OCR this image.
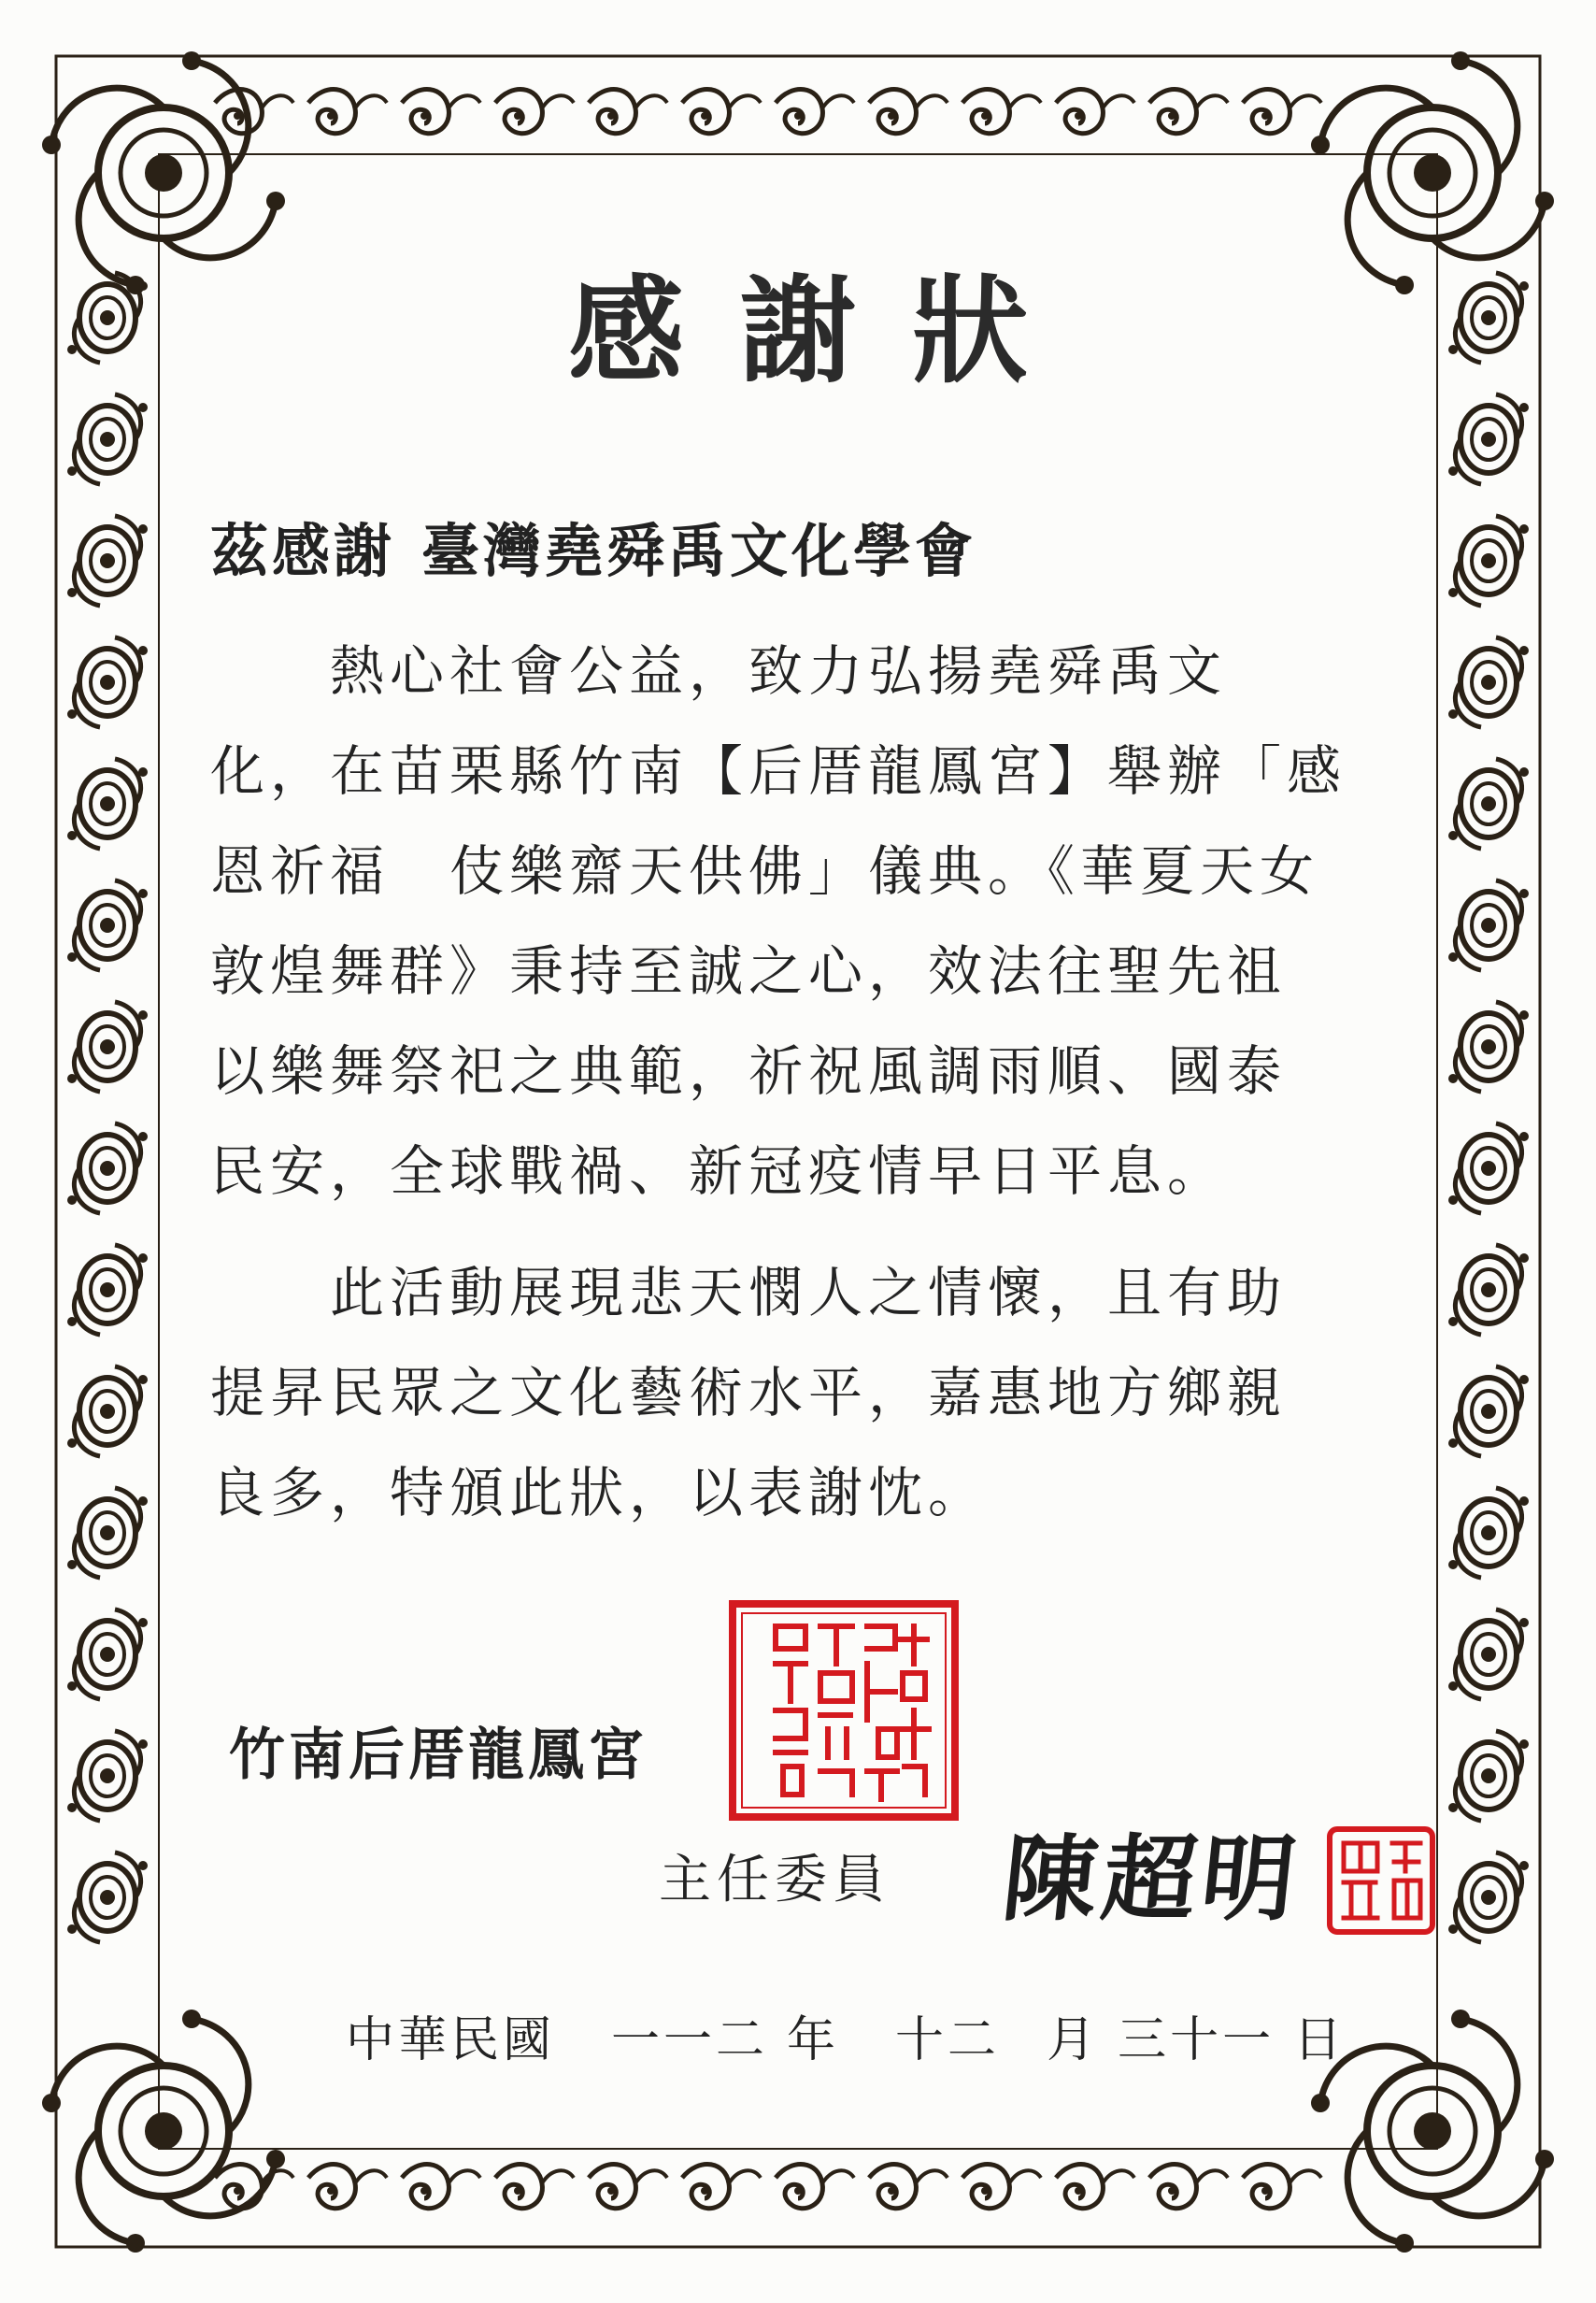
感謝狀
茲感謝 臺灣堯舜禹文化學會
　　熱心社會公益，致力弘揚堯舜禹文
化，在苗栗縣竹南【后厝龍鳳宮】舉辦「感
恩祈福　伎樂齋天供佛」儀典。《華夏天女
敦煌舞群》秉持至誠之心，效法往聖先祖
以樂舞祭祀之典範，祈祝風調雨順、國泰
民安，全球戰禍、新冠疫情早日平息。
　　此活動展現悲天憫人之情懷，且有助
提昇民眾之文化藝術水平，嘉惠地方鄉親
良多，特頒此狀，以表謝忱。
竹南后厝龍鳳宮
主任委員 陳超明
中華民國 一一二 年 十二 月 三十一 日
